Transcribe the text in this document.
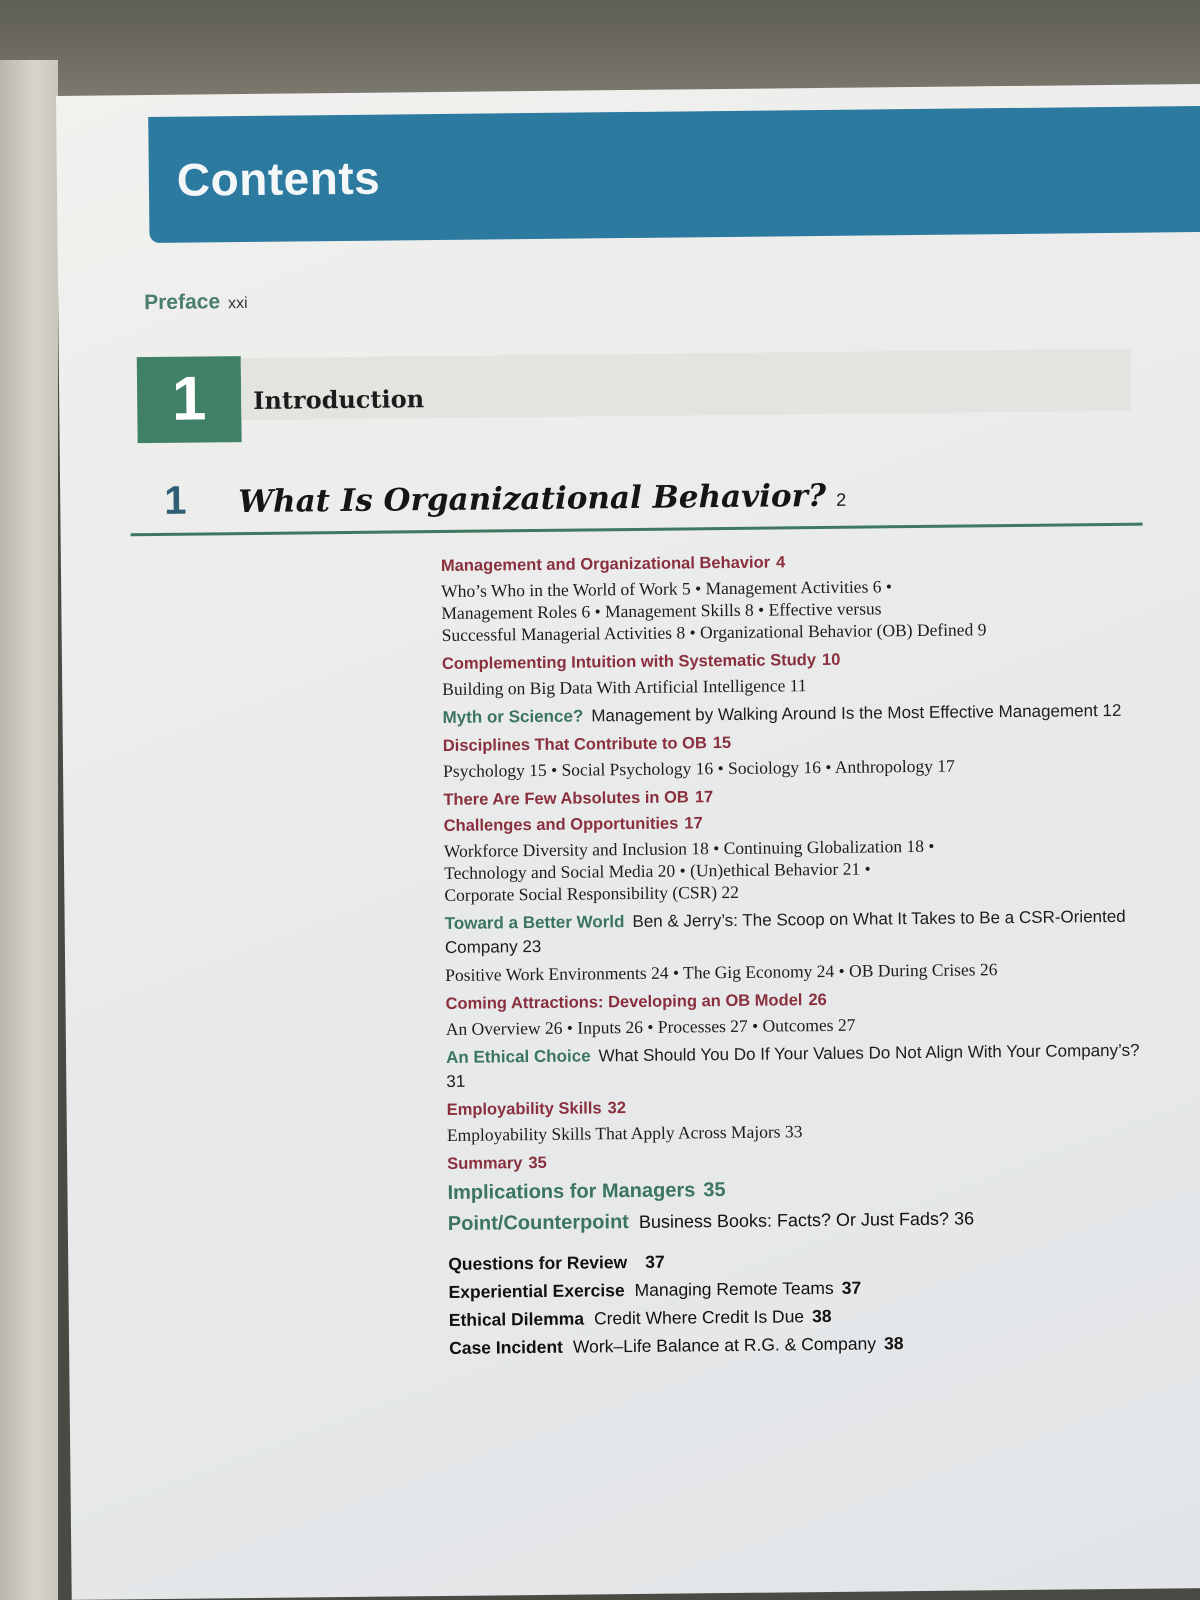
Contents
Preface xxi
1	Introduction
1 What Is Organizational Behavior? 2
Management and Organizational Behavior 4
Who’s Who in the World of Work 5 • Management Activities 6 •
Management Roles 6 • Management Skills 8 • Effective versus
Successful Managerial Activities 8 • Organizational Behavior (OB) Defined 9
Complementing Intuition with Systematic Study 10
Building on Big Data With Artificial Intelligence 11
Myth or Science? Management by Walking Around Is the Most Effective Management 12
Disciplines That Contribute to OB 15
Psychology 15 • Social Psychology 16 • Sociology 16 • Anthropology 17
There Are Few Absolutes in OB 17
Challenges and Opportunities 17
Workforce Diversity and Inclusion 18 • Continuing Globalization 18 •
Technology and Social Media 20 • (Un)ethical Behavior 21 •
Corporate Social Responsibility (CSR) 22
Toward a Better World Ben & Jerry’s: The Scoop on What It Takes to Be a CSR-Oriented Company 23
Positive Work Environments 24 • The Gig Economy 24 • OB During Crises 26
Coming Attractions: Developing an OB Model 26
An Overview 26 • Inputs 26 • Processes 27 • Outcomes 27
An Ethical Choice What Should You Do If Your Values Do Not Align With Your Company’s? 31
Employability Skills 32
Employability Skills That Apply Across Majors 33
Summary 35
Implications for Managers 35
Point/Counterpoint Business Books: Facts? Or Just Fads? 36
Questions for Review 37
Experiential Exercise Managing Remote Teams 37
Ethical Dilemma Credit Where Credit Is Due 38
Case Incident Work–Life Balance at R.G. & Company 38
